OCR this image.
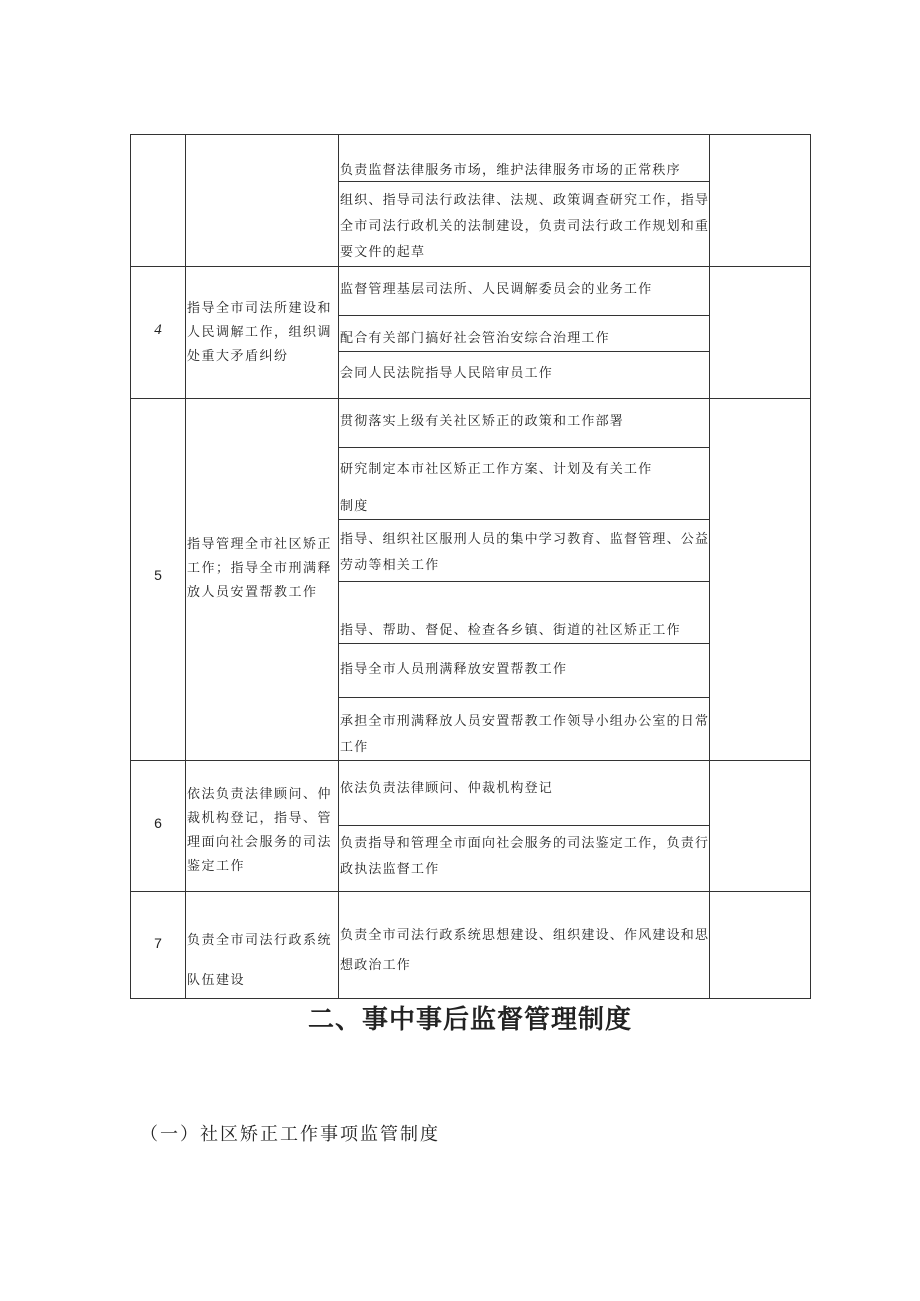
负责监督法律服务市场，维护法律服务市场的正常秩序
组织、指导司法行政法律、法规、政策调查研究工作，指导全市司法行政机关的法制建设，负责司法行政工作规划和重要文件的起草
4
指导全市司法所建设和人民调解工作，组织调处重大矛盾纠纷
监督管理基层司法所、人民调解委员会的业务工作
配合有关部门搞好社会管治安综合治理工作
会同人民法院指导人民陪审员工作
5
指导管理全市社区矫正工作；指导全市刑满释放人员安置帮教工作
贯彻落实上级有关社区矫正的政策和工作部署
研究制定本市社区矫正工作方案、计划及有关工作
制度
指导、组织社区服刑人员的集中学习教育、监督管理、公益劳动等相关工作
指导、帮助、督促、检查各乡镇、街道的社区矫正工作
指导全市人员刑满释放安置帮教工作
承担全市刑满释放人员安置帮教工作领导小组办公室的日常工作
6
依法负责法律顾问、仲裁机构登记，指导、管理面向社会服务的司法鉴定工作
依法负责法律顾问、仲裁机构登记
负责指导和管理全市面向社会服务的司法鉴定工作，负责行政执法监督工作
7	负责全市司法行政系统队伍建设
负责全市司法行政系统思想建设、组织建设、作风建设和思想政治工作
二、事中事后监督管理制度
（一）社区矫正工作事项监管制度
